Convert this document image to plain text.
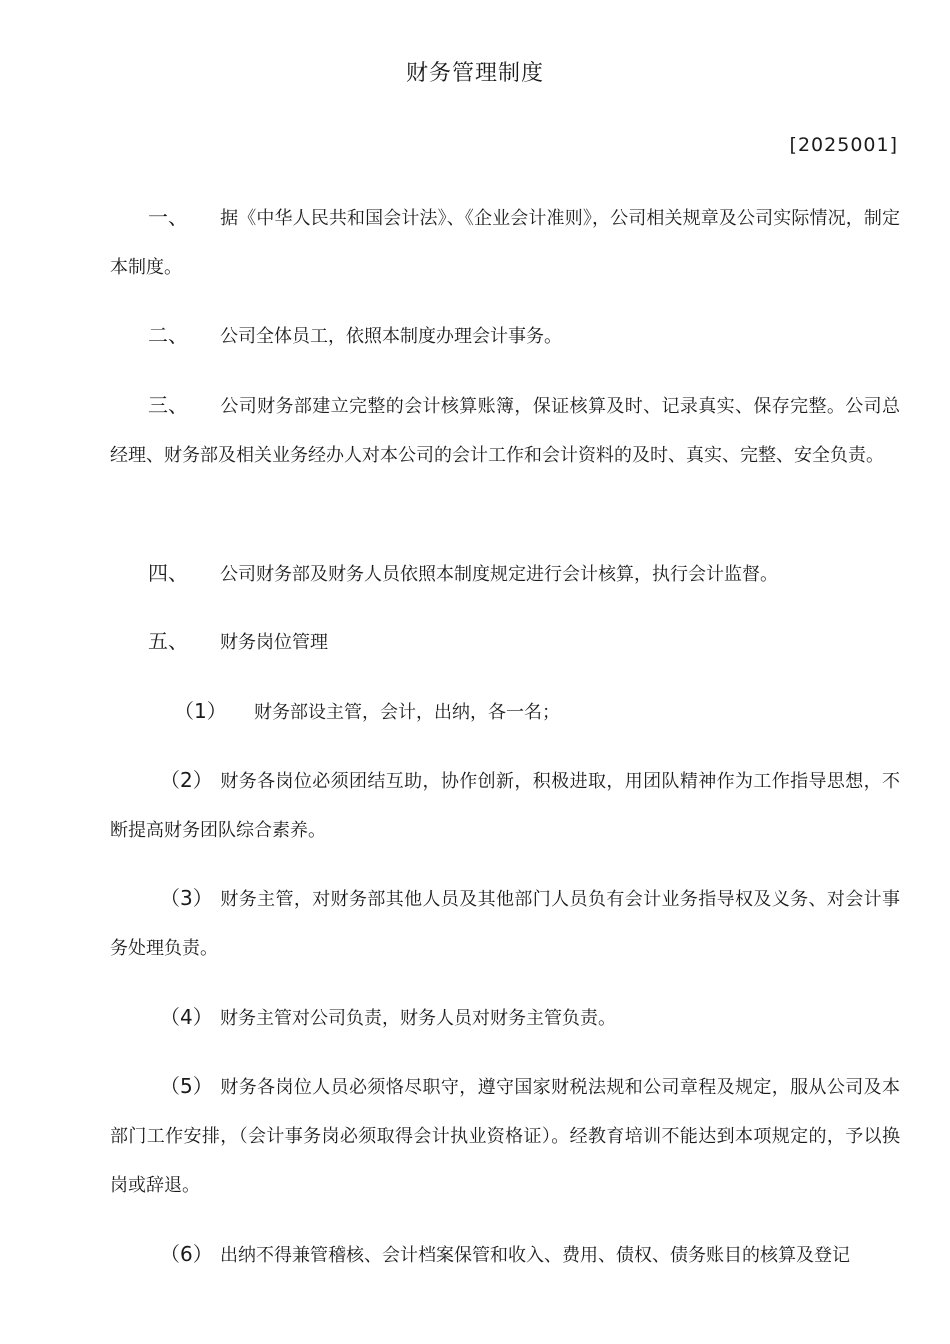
财务管理制度
[2025001]

一、 据《中华人民共和国会计法》、《企业会计准则》，公司相关规章及公司实际情况，制定本制度。

二、 公司全体员工，依照本制度办理会计事务。

三、 公司财务部建立完整的会计核算账簿，保证核算及时、记录真实、保存完整。公司总经理、财务部及相关业务经办人对本公司的会计工作和会计资料的及时、真实、完整、安全负责。

四、 公司财务部及财务人员依照本制度规定进行会计核算，执行会计监督。

五、 财务岗位管理

（1） 财务部设主管，会计，出纳，各一名；

（2） 财务各岗位必须团结互助，协作创新，积极进取，用团队精神作为工作指导思想，不断提高财务团队综合素养。

（3） 财务主管，对财务部其他人员及其他部门人员负有会计业务指导权及义务、对会计事务处理负责。

（4） 财务主管对公司负责，财务人员对财务主管负责。

（5） 财务各岗位人员必须恪尽职守，遵守国家财税法规和公司章程及规定，服从公司及本部门工作安排，（会计事务岗必须取得会计执业资格证）。经教育培训不能达到本项规定的，予以换岗或辞退。

（6） 出纳不得兼管稽核、会计档案保管和收入、费用、债权、债务账目的核算及登记
